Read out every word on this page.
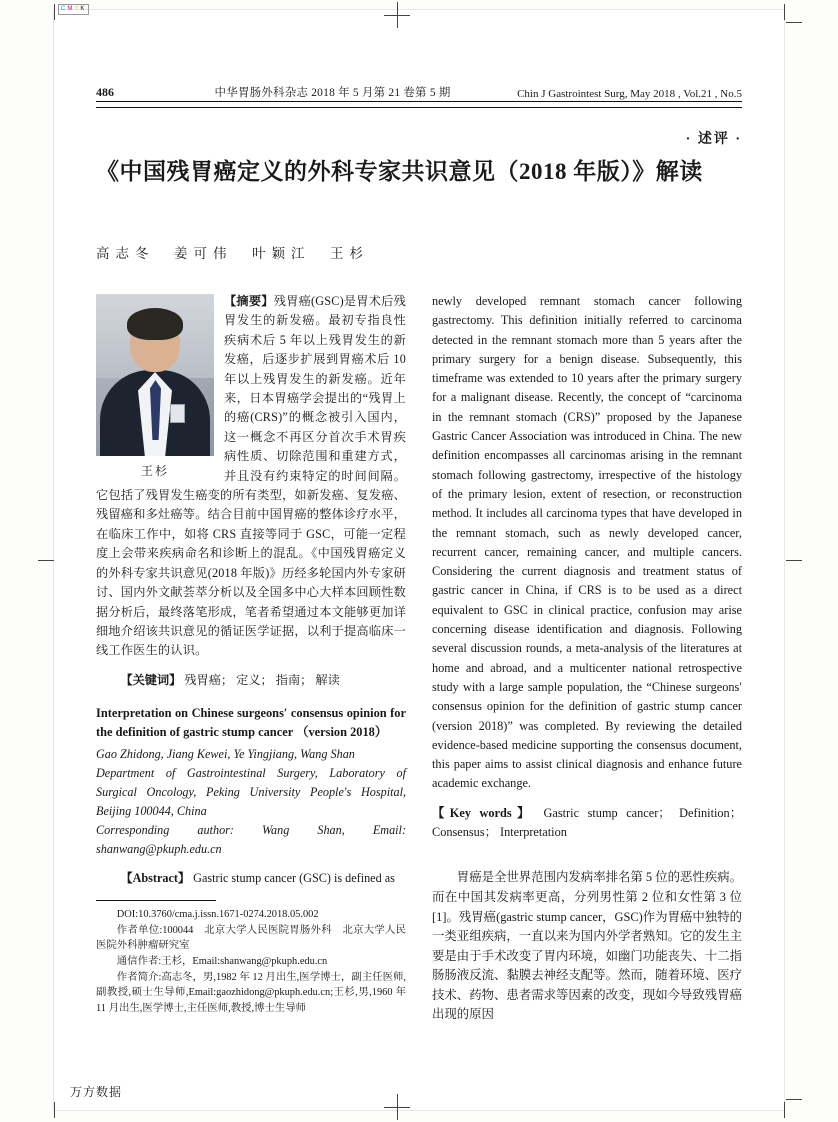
CMYK
486	中华胃肠外科杂志 2018 年 5 月第 21 卷第 5 期	Chin J Gastrointest Surg, May 2018 , Vol.21 , No.5
· 述评 ·
《中国残胃癌定义的外科专家共识意见（2018 年版）》解读
高志冬　姜可伟　叶颖江　王杉
王杉
【摘要】残胃癌(GSC)是胃术后残胃发生的新发癌。最初专指良性疾病术后 5 年以上残胃发生的新发癌，后逐步扩展到胃癌术后 10 年以上残胃发生的新发癌。近年来，日本胃癌学会提出的“残胃上的癌(CRS)”的概念被引入国内，这一概念不再区分首次手术胃疾病性质、切除范围和重建方式，并且没有约束特定的时间间隔。它包括了残胃发生癌变的所有类型，如新发癌、复发癌、残留癌和多灶癌等。结合目前中国胃癌的整体诊疗水平，在临床工作中，如将 CRS 直接等同于 GSC，可能一定程度上会带来疾病命名和诊断上的混乱。《中国残胃癌定义的外科专家共识意见(2018 年版)》历经多轮国内外专家研讨、国内外文献荟萃分析以及全国多中心大样本回顾性数据分析后，最终落笔形成，笔者希望通过本文能够更加详细地介绍该共识意见的循证医学证据，以利于提高临床一线工作医生的认识。
【关键词】 残胃癌； 定义； 指南； 解读
Interpretation on Chinese surgeons′ consensus opinion for the definition of gastric stump cancer （version 2018）
Gao Zhidong, Jiang Kewei, Ye Yingjiang, Wang Shan
Department of Gastrointestinal Surgery, Laboratory of Surgical Oncology, Peking University People′s Hospital, Beijing 100044, China
Corresponding author: Wang Shan, Email: shanwang@pkuph.edu.cn
【Abstract】 Gastric stump cancer (GSC) is defined as

DOI:10.3760/cma.j.issn.1671-0274.2018.05.002

作者单位:100044　北京大学人民医院胃肠外科　北京大学人民医院外科肿瘤研究室

通信作者:王杉，Email:shanwang@pkuph.edu.cn

作者简介:高志冬，男,1982 年 12 月出生,医学博士，副主任医师,副教授,硕士生导师,Email:gaozhidong@pkuph.edu.cn;王杉,男,1960 年 11 月出生,医学博士,主任医师,教授,博士生导师

newly developed remnant stomach cancer following gastrectomy. This definition initially referred to carcinoma detected in the remnant stomach more than 5 years after the primary surgery for a benign disease. Subsequently, this timeframe was extended to 10 years after the primary surgery for a malignant disease. Recently, the concept of “carcinoma in the remnant stomach (CRS)” proposed by the Japanese Gastric Cancer Association was introduced in China. The new definition encompasses all carcinomas arising in the remnant stomach following gastrectomy, irrespective of the histology of the primary lesion, extent of resection, or reconstruction method. It includes all carcinoma types that have developed in the remnant stomach, such as newly developed cancer, recurrent cancer, remaining cancer, and multiple cancers. Considering the current diagnosis and treatment status of gastric cancer in China, if CRS is to be used as a direct equivalent to GSC in clinical practice, confusion may arise concerning disease identification and diagnosis. Following several discussion rounds, a meta-analysis of the literatures at home and abroad, and a multicenter national retrospective study with a large sample population, the “Chinese surgeons′ consensus opinion for the definition of gastric stump cancer (version 2018)” was completed. By reviewing the detailed evidence-based medicine supporting the consensus document, this paper aims to assist clinical diagnosis and enhance future academic exchange.

【Key words】 Gastric stump cancer； Definition； Consensus； Interpretation
胃癌是全世界范围内发病率排名第 5 位的恶性疾病。而在中国其发病率更高，分列男性第 2 位和女性第 3 位[1]。残胃癌(gastric stump cancer，GSC)作为胃癌中独特的一类亚组疾病，一直以来为国内外学者熟知。它的发生主要是由于手术改变了胃内环境，如幽门功能丧失、十二指肠肠液反流、黏膜去神经支配等。然而，随着环境、医疗技术、药物、患者需求等因素的改变，现如今导致残胃癌出现的原因
万方数据
